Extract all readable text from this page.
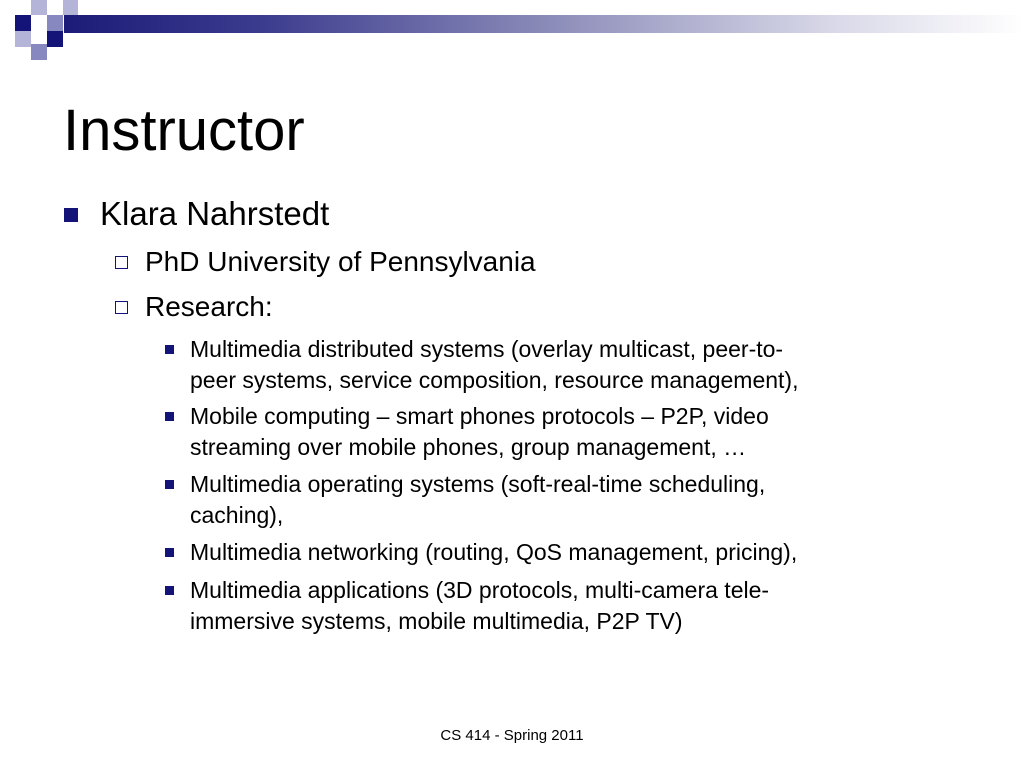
Instructor
Klara Nahrstedt
PhD University of Pennsylvania
Research:
Multimedia distributed systems (overlay multicast, peer-to-
peer systems, service composition, resource management),
Mobile computing – smart phones protocols – P2P, video
streaming over mobile phones, group management, …
Multimedia operating systems (soft-real-time scheduling,
caching),
Multimedia networking (routing, QoS management, pricing),
Multimedia applications (3D protocols, multi-camera tele-
immersive systems, mobile multimedia, P2P TV)
CS 414 - Spring 2011
